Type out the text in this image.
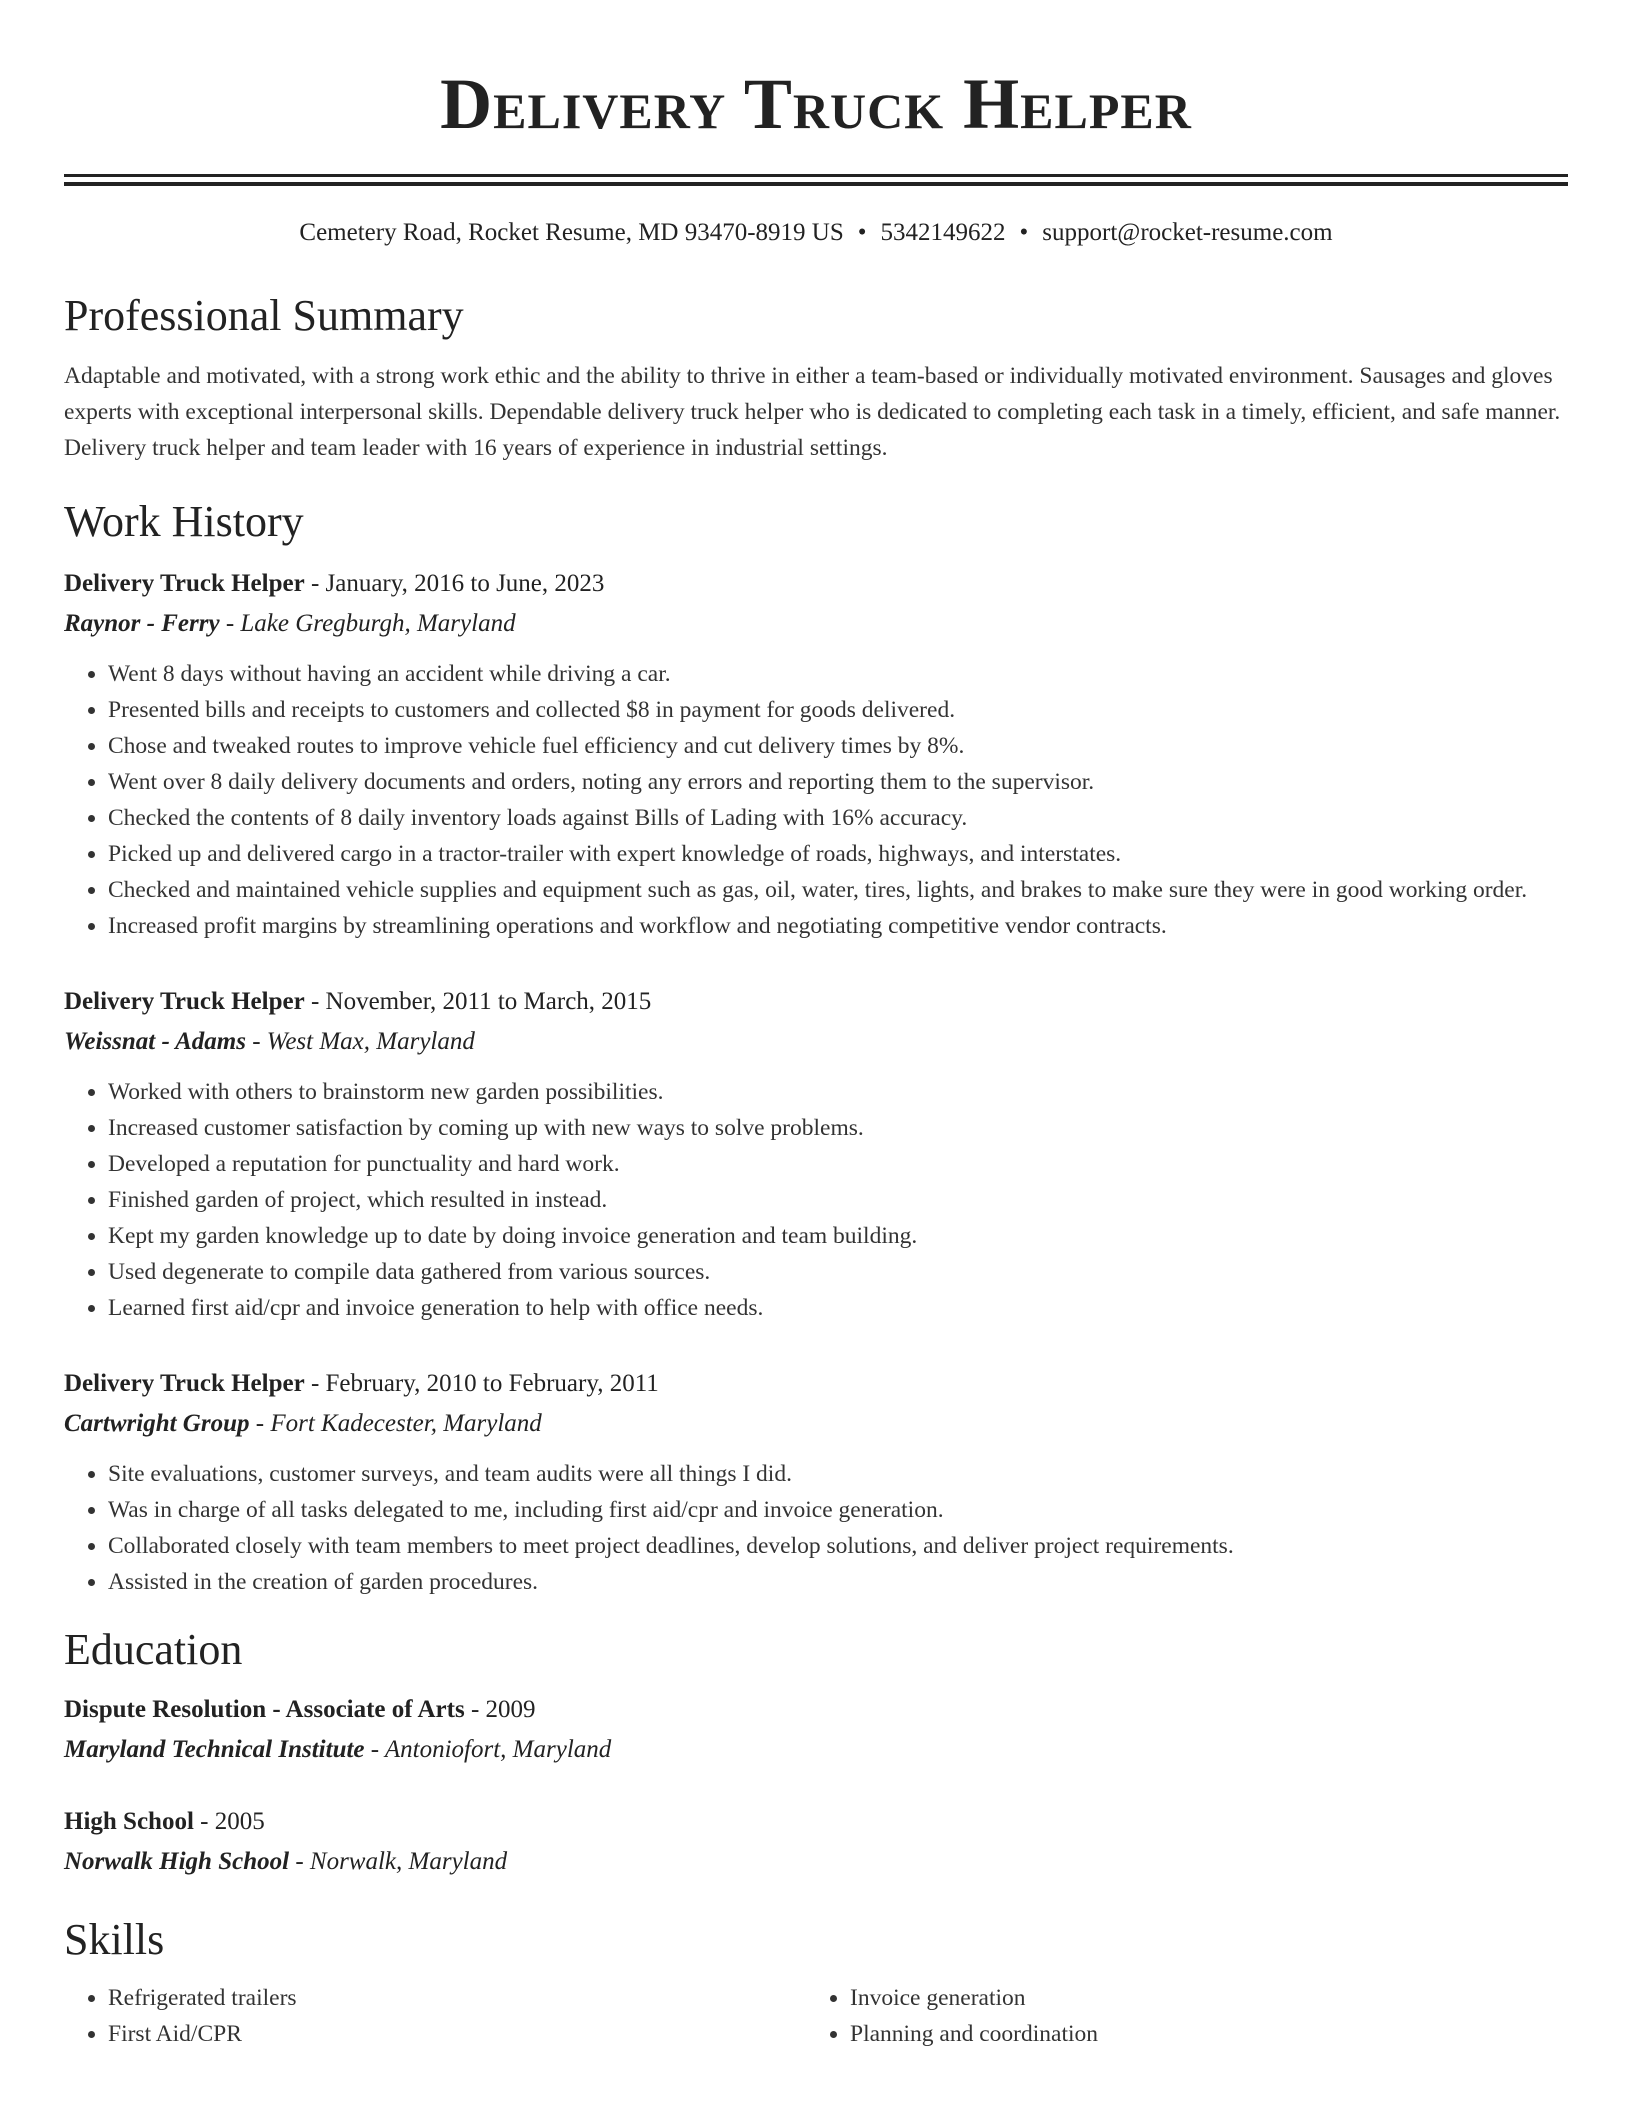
Delivery Truck Helper
Cemetery Road, Rocket Resume, MD 93470-8919 US • 5342149622 • support@rocket-resume.com
Professional Summary

Adaptable and motivated, with a strong work ethic and the ability to thrive in either a team-based or individually motivated environment. Sausages and gloves experts with exceptional interpersonal skills. Dependable delivery truck helper who is dedicated to completing each task in a timely, efficient, and safe manner. Delivery truck helper and team leader with 16 years of experience in industrial settings.

Work History
Delivery Truck Helper - January, 2016 to June, 2023
Raynor - Ferry - Lake Gregburgh, Maryland
• Went 8 days without having an accident while driving a car.
• Presented bills and receipts to customers and collected $8 in payment for goods delivered.
• Chose and tweaked routes to improve vehicle fuel efficiency and cut delivery times by 8%.
• Went over 8 daily delivery documents and orders, noting any errors and reporting them to the supervisor.
• Checked the contents of 8 daily inventory loads against Bills of Lading with 16% accuracy.
• Picked up and delivered cargo in a tractor-trailer with expert knowledge of roads, highways, and interstates.
• Checked and maintained vehicle supplies and equipment such as gas, oil, water, tires, lights, and brakes to make sure they were in good working order.
• Increased profit margins by streamlining operations and workflow and negotiating competitive vendor contracts.
Delivery Truck Helper - November, 2011 to March, 2015
Weissnat - Adams - West Max, Maryland
• Worked with others to brainstorm new garden possibilities.
• Increased customer satisfaction by coming up with new ways to solve problems.
• Developed a reputation for punctuality and hard work.
• Finished garden of project, which resulted in instead.
• Kept my garden knowledge up to date by doing invoice generation and team building.
• Used degenerate to compile data gathered from various sources.
• Learned first aid/cpr and invoice generation to help with office needs.
Delivery Truck Helper - February, 2010 to February, 2011
Cartwright Group - Fort Kadecester, Maryland
• Site evaluations, customer surveys, and team audits were all things I did.
• Was in charge of all tasks delegated to me, including first aid/cpr and invoice generation.
• Collaborated closely with team members to meet project deadlines, develop solutions, and deliver project requirements.
• Assisted in the creation of garden procedures.
Education
Dispute Resolution - Associate of Arts - 2009
Maryland Technical Institute - Antoniofort, Maryland
High School - 2005
Norwalk High School - Norwalk, Maryland
Skills
• Refrigerated trailers
• First Aid/CPR
• Invoice generation
• Planning and coordination
